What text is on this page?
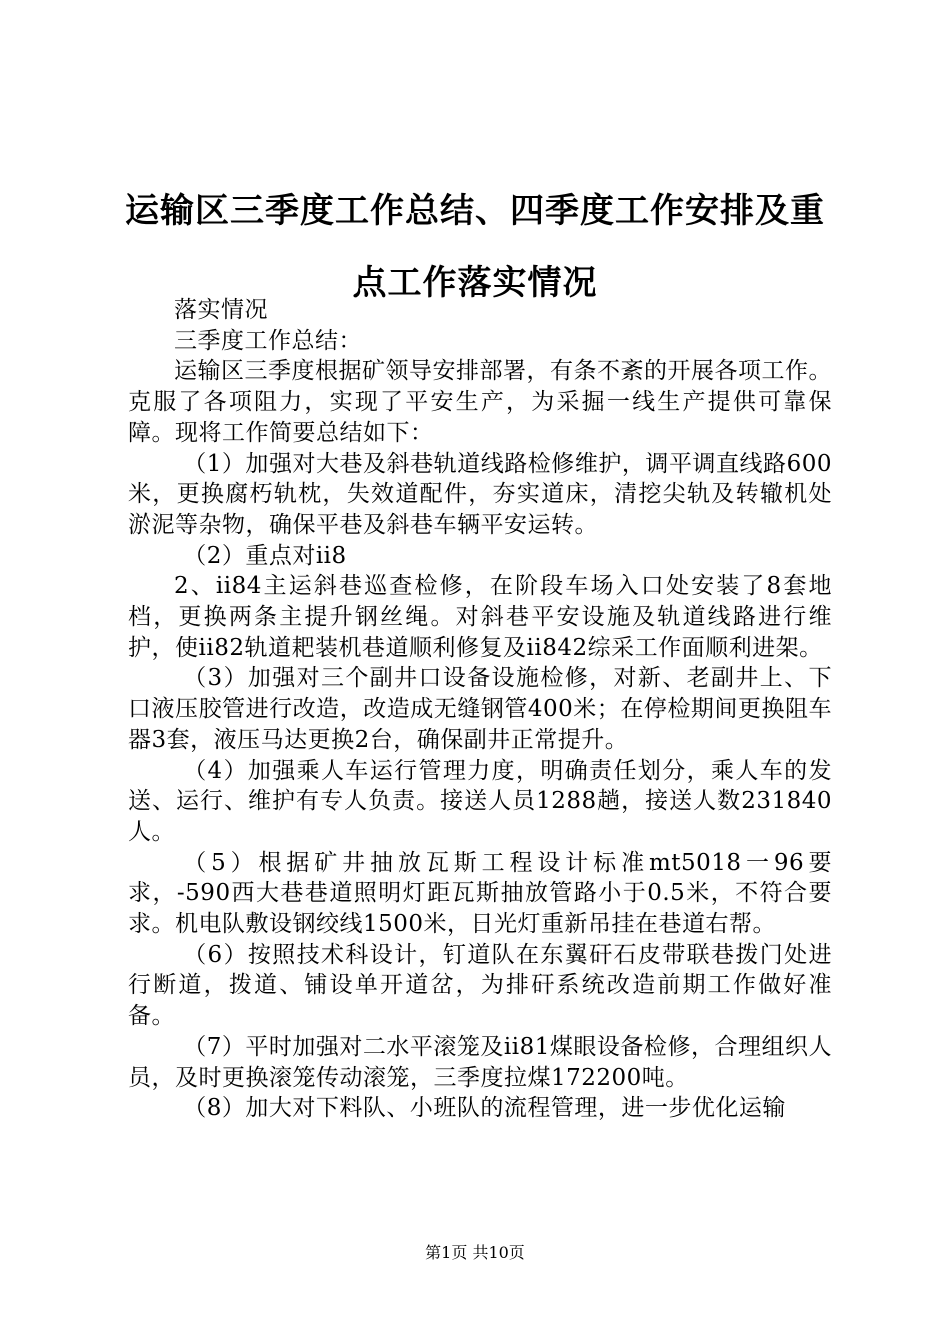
运输区三季度工作总结、四季度工作安排及重点工作落实情况

落实情况

三季度工作总结：

运输区三季度根据矿领导安排部署，有条不紊的开展各项工作。克服了各项阻力，实现了平安生产，为采掘一线生产提供可靠保障。现将工作简要总结如下：

（1）加强对大巷及斜巷轨道线路检修维护，调平调直线路600米，更换腐朽轨枕，失效道配件，夯实道床，清挖尖轨及转辙机处淤泥等杂物，确保平巷及斜巷车辆平安运转。

（2）重点对ii8

2、ii84主运斜巷巡查检修，在阶段车场入口处安装了8套地档，更换两条主提升钢丝绳。对斜巷平安设施及轨道线路进行维护，使ii82轨道耙装机巷道顺利修复及ii842综采工作面顺利进架。

（3）加强对三个副井口设备设施检修，对新、老副井上、下口液压胶管进行改造，改造成无缝钢管400米；在停检期间更换阻车器3套，液压马达更换2台，确保副井正常提升。

（4）加强乘人车运行管理力度，明确责任划分，乘人车的发送、运行、维护有专人负责。接送人员1288趟，接送人数231840人。

（5）根据矿井抽放瓦斯工程设计标准mt5018一96要求，-590西大巷巷道照明灯距瓦斯抽放管路小于0.5米，不符合要求。机电队敷设钢绞线1500米，日光灯重新吊挂在巷道右帮。

（6）按照技术科设计，钉道队在东翼矸石皮带联巷拨门处进行断道，拨道、铺设单开道岔，为排矸系统改造前期工作做好准备。

（7）平时加强对二水平滚笼及ii81煤眼设备检修，合理组织人员，及时更换滚笼传动滚笼，三季度拉煤172200吨。

（8）加大对下料队、小班队的流程管理，进一步优化运输

第1页 共10页
